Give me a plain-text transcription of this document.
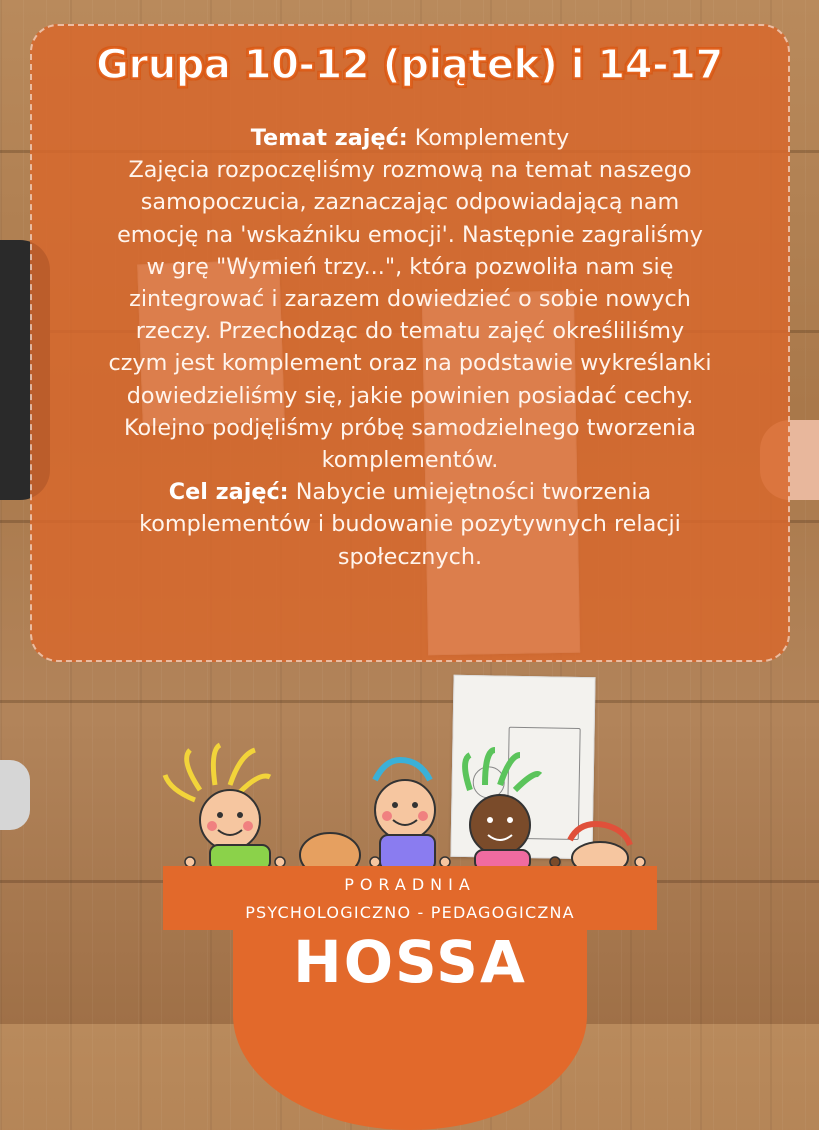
Grupa 10-12 (piątek) i 14-17
Temat zajęć: Komplementy
Zajęcia rozpoczęliśmy rozmową na temat naszego
samopoczucia, zaznaczając odpowiadającą nam
emocję na 'wskaźniku emocji'. Następnie zagraliśmy
w grę "Wymień trzy...", która pozwoliła nam się
zintegrować i zarazem dowiedzieć o sobie nowych
rzeczy. Przechodząc do tematu zajęć określiliśmy
czym jest komplement oraz na podstawie wykreślanki
dowiedzieliśmy się, jakie powinien posiadać cechy.
Kolejno podjęliśmy próbę samodzielnego tworzenia
komplementów.
Cel zajęć: Nabycie umiejętności tworzenia
komplementów i budowanie pozytywnych relacji
społecznych.
PORADNIA
PSYCHOLOGICZNO - PEDAGOGICZNA
HOSSA
